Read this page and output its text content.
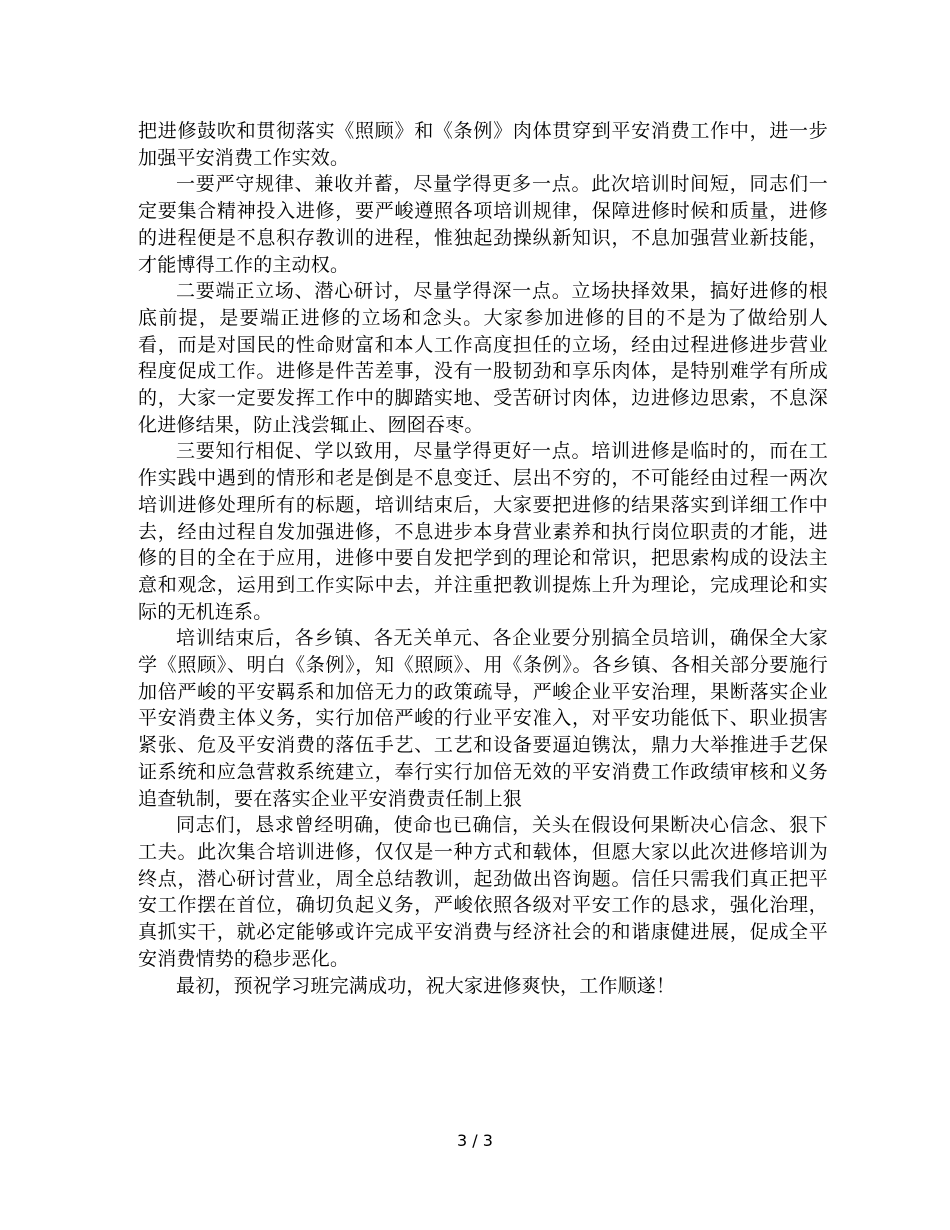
把进修鼓吹和贯彻落实《照顾》和《条例》肉体贯穿到平安消费工作中，进一步加强平安消费工作实效。

一要严守规律、兼收并蓄，尽量学得更多一点。此次培训时间短，同志们一定要集合精神投入进修，要严峻遵照各项培训规律，保障进修时候和质量，进修的进程便是不息积存教训的进程，惟独起劲操纵新知识，不息加强营业新技能，才能博得工作的主动权。

二要端正立场、潜心研讨，尽量学得深一点。立场抉择效果，搞好进修的根底前提，是要端正进修的立场和念头。大家参加进修的目的不是为了做给别人看，而是对国民的性命财富和本人工作高度担任的立场，经由过程进修进步营业程度促成工作。进修是件苦差事，没有一股韧劲和享乐肉体，是特别难学有所成的，大家一定要发挥工作中的脚踏实地、受苦研讨肉体，边进修边思索，不息深化进修结果，防止浅尝辄止、囫囵吞枣。

三要知行相促、学以致用，尽量学得更好一点。培训进修是临时的，而在工作实践中遇到的情形和老是倒是不息变迁、层出不穷的，不可能经由过程一两次培训进修处理所有的标题，培训结束后，大家要把进修的结果落实到详细工作中去，经由过程自发加强进修，不息进步本身营业素养和执行岗位职责的才能，进修的目的全在于应用，进修中要自发把学到的理论和常识，把思索构成的设法主意和观念，运用到工作实际中去，并注重把教训提炼上升为理论，完成理论和实际的无机连系。

培训结束后，各乡镇、各无关单元、各企业要分别搞全员培训，确保全大家学《照顾》、明白《条例》，知《照顾》、用《条例》。各乡镇、各相关部分要施行加倍严峻的平安羁系和加倍无力的政策疏导，严峻企业平安治理，果断落实企业平安消费主体义务，实行加倍严峻的行业平安准入，对平安功能低下、职业损害紧张、危及平安消费的落伍手艺、工艺和设备要逼迫镌汰，鼎力大举推进手艺保证系统和应急营救系统建立，奉行实行加倍无效的平安消费工作政绩审核和义务追查轨制，要在落实企业平安消费责任制上狠

同志们，恳求曾经明确，使命也已确信，关头在假设何果断决心信念、狠下工夫。此次集合培训进修，仅仅是一种方式和载体，但愿大家以此次进修培训为终点，潜心研讨营业，周全总结教训，起劲做出咨询题。信任只需我们真正把平安工作摆在首位，确切负起义务，严峻依照各级对平安工作的恳求，强化治理，真抓实干，就必定能够或许完成平安消费与经济社会的和谐康健进展，促成全平安消费情势的稳步恶化。

最初，预祝学习班完满成功，祝大家进修爽快，工作顺遂！

3 / 3
